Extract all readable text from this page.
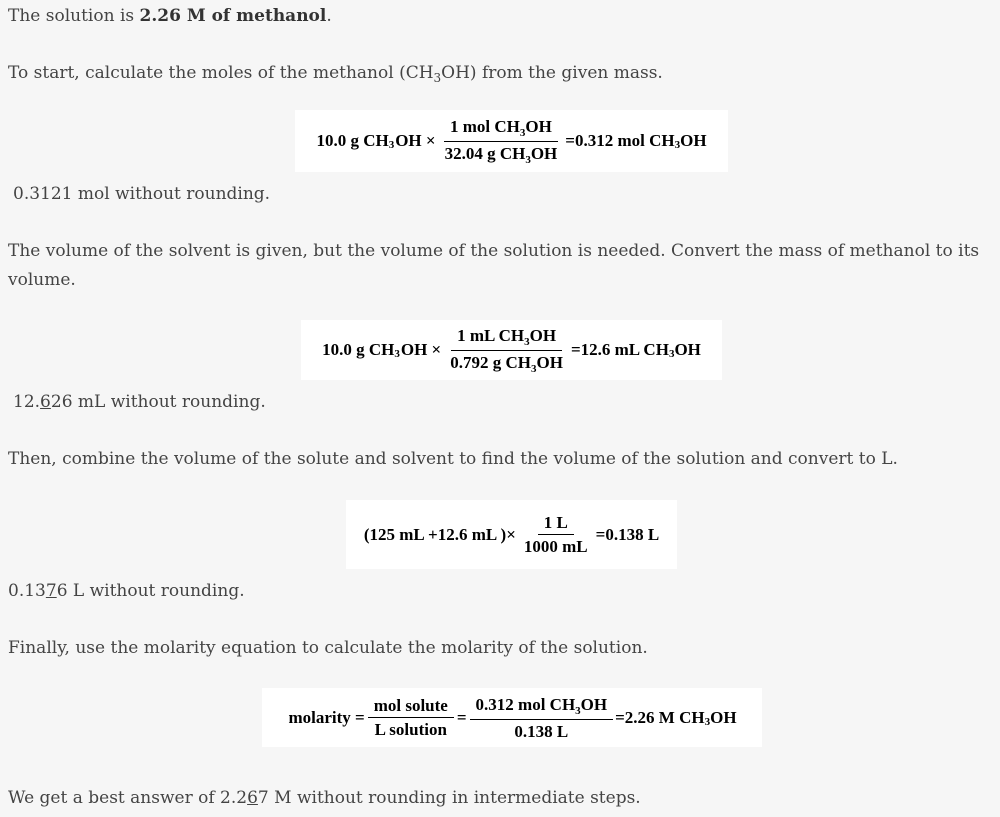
The solution is 2.26 M of methanol.

To start, calculate the moles of the methanol $(CH_3OH)$ from the given mass.

10.0 g CH 3 OH × $\frac{1 mol CH_3OH}{32.04 g CH_3OH} =0.312$ mol CH 3 OH

0.3121 mol without rounding.

The volume of the solvent is given, but the volume of the solution is needed. Convert the mass of methanol to its volume.

10.0 g CH 3 OH × $\frac{1 mL CH_3OH}{0.792 g CH_3OH} =12.6$ mL CH 3 OH

12.626 mL without rounding.

Then, combine the volume of the solute and solvent to find the volume of the solution and convert to L.

(125 mL +12.6 mL )× $\frac{1 L}{1000 mL} =0.138$ L

0.1376 L without rounding.

Finally, use the molarity equation to calculate the molarity of the solution.

molarity = $\frac{\text{mol solute}}{\text{L solution}} = \frac{0.312 mol CH_3OH}{0.138 L} =2.26$ M CH 3 OH

We get a best answer of 2.267 M without rounding in intermediate steps.
